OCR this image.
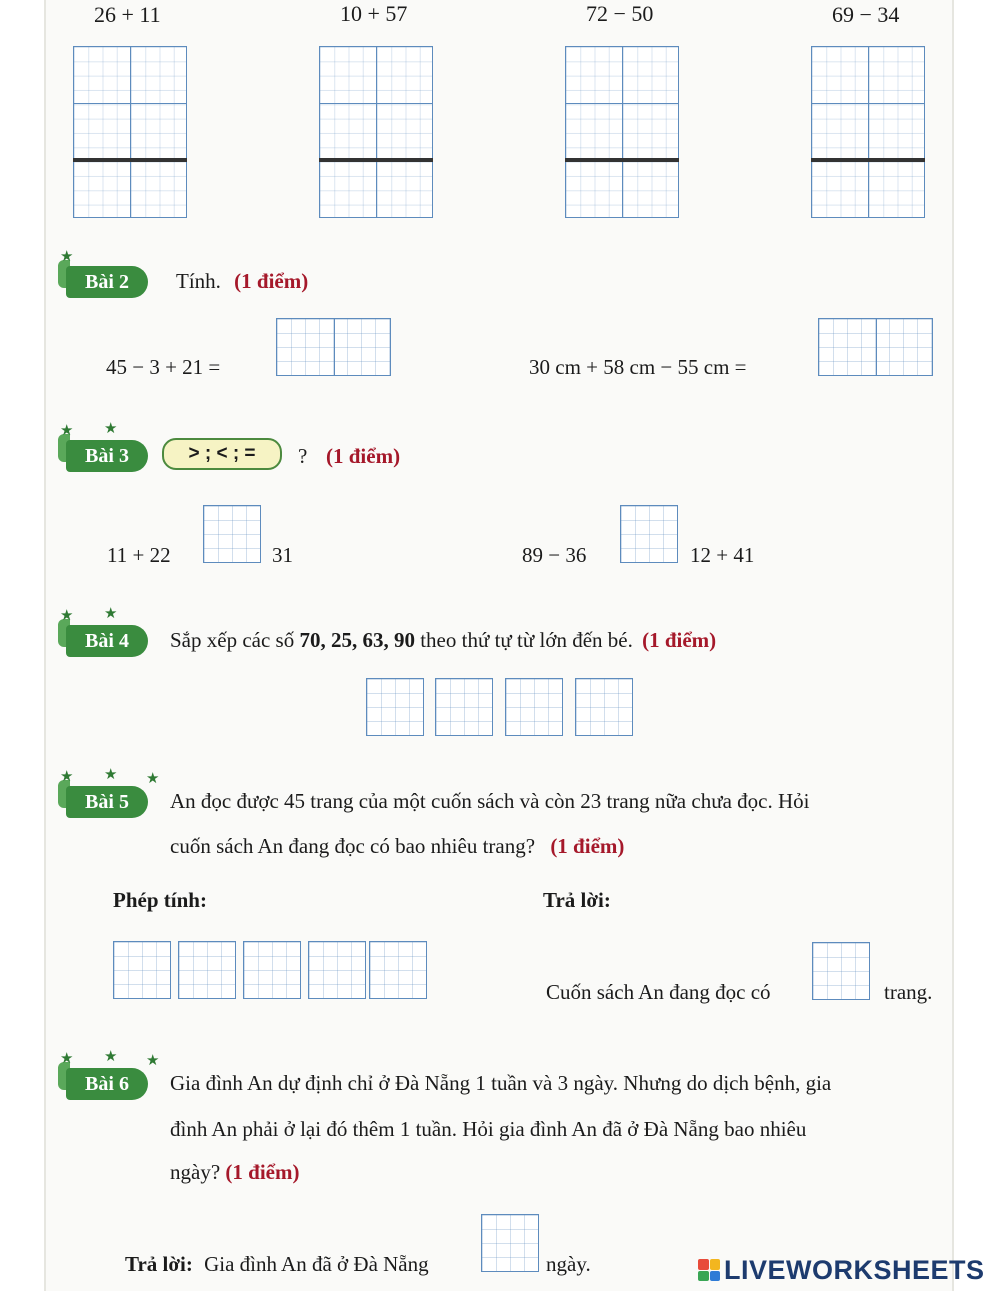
26 + 11	10 + 57	72 − 50	69 − 34
★
Bài 2	Tính. (1 điểm)
45 − 3 + 21 =	30 cm + 58 cm − 55 cm =
★ ★
Bài 3	> ; < ; =	? (1 điểm)
11 + 22	31	89 − 36	12 + 41
★ ★
Bài 4	Sắp xếp các số 70, 25, 63, 90 theo thứ tự từ lớn đến bé. (1 điểm)
★ ★ ★
Bài 5	An đọc được 45 trang của một cuốn sách và còn 23 trang nữa chưa đọc. Hỏi
cuốn sách An đang đọc có bao nhiêu trang? (1 điểm)
Phép tính:	Trả lời:
Cuốn sách An đang đọc có	trang.
★ ★ ★
Bài 6	Gia đình An dự định chỉ ở Đà Nẵng 1 tuần và 3 ngày. Nhưng do dịch bệnh, gia
đình An phải ở lại đó thêm 1 tuần. Hỏi gia đình An đã ở Đà Nẵng bao nhiêu
ngày? (1 điểm)
Trả lời: Gia đình An đã ở Đà Nẵng	ngày.	LIVEWORKSHEETS
